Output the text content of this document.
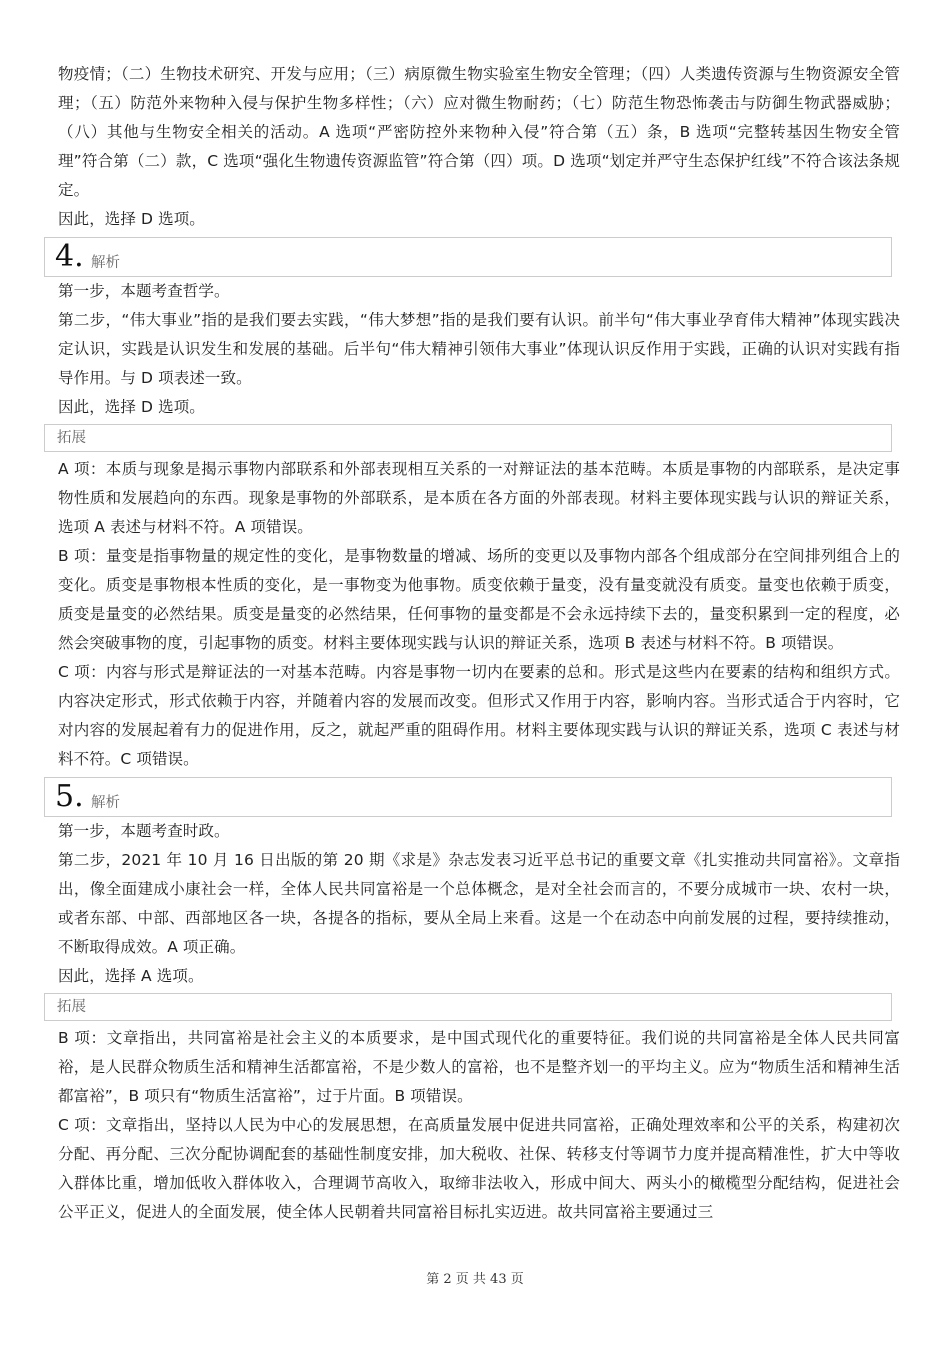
物疫情；（二）生物技术研究、开发与应用；（三）病原微生物实验室生物安全管理；（四）人类遗传资源与生物资源安全管理；（五）防范外来物种入侵与保护生物多样性；（六）应对微生物耐药；（七）防范生物恐怖袭击与防御生物武器威胁；（八）其他与生物安全相关的活动。A 选项“严密防控外来物种入侵”符合第（五）条，B 选项“完整转基因生物安全管理”符合第（二）款，C 选项“强化生物遗传资源监管”符合第（四）项。D 选项“划定并严守生态保护红线”不符合该法条规定。

因此，选择 D 选项。

4. 解析

第一步，本题考查哲学。

第二步，“伟大事业”指的是我们要去实践，“伟大梦想”指的是我们要有认识。前半句“伟大事业孕育伟大精神”体现实践决定认识，实践是认识发生和发展的基础。后半句“伟大精神引领伟大事业”体现认识反作用于实践，正确的认识对实践有指导作用。与 D 项表述一致。

因此，选择 D 选项。

拓展

A 项：本质与现象是揭示事物内部联系和外部表现相互关系的一对辩证法的基本范畴。本质是事物的内部联系，是决定事物性质和发展趋向的东西。现象是事物的外部联系，是本质在各方面的外部表现。材料主要体现实践与认识的辩证关系，选项 A 表述与材料不符。A 项错误。

B 项：量变是指事物量的规定性的变化，是事物数量的增减、场所的变更以及事物内部各个组成部分在空间排列组合上的变化。质变是事物根本性质的变化，是一事物变为他事物。质变依赖于量变，没有量变就没有质变。量变也依赖于质变，质变是量变的必然结果。质变是量变的必然结果，任何事物的量变都是不会永远持续下去的，量变积累到一定的程度，必然会突破事物的度，引起事物的质变。材料主要体现实践与认识的辩证关系，选项 B 表述与材料不符。B 项错误。

C 项：内容与形式是辩证法的一对基本范畴。内容是事物一切内在要素的总和。形式是这些内在要素的结构和组织方式。内容决定形式，形式依赖于内容，并随着内容的发展而改变。但形式又作用于内容，影响内容。当形式适合于内容时，它对内容的发展起着有力的促进作用，反之，就起严重的阻碍作用。材料主要体现实践与认识的辩证关系，选项 C 表述与材料不符。C 项错误。

5. 解析

第一步，本题考查时政。

第二步，2021 年 10 月 16 日出版的第 20 期《求是》杂志发表习近平总书记的重要文章《扎实推动共同富裕》。文章指出，像全面建成小康社会一样，全体人民共同富裕是一个总体概念，是对全社会而言的，不要分成城市一块、农村一块，或者东部、中部、西部地区各一块，各提各的指标，要从全局上来看。这是一个在动态中向前发展的过程，要持续推动，不断取得成效。A 项正确。

因此，选择 A 选项。

拓展

B 项：文章指出，共同富裕是社会主义的本质要求，是中国式现代化的重要特征。我们说的共同富裕是全体人民共同富裕，是人民群众物质生活和精神生活都富裕，不是少数人的富裕，也不是整齐划一的平均主义。应为“物质生活和精神生活都富裕”，B 项只有“物质生活富裕”，过于片面。B 项错误。

C 项：文章指出，坚持以人民为中心的发展思想，在高质量发展中促进共同富裕，正确处理效率和公平的关系，构建初次分配、再分配、三次分配协调配套的基础性制度安排，加大税收、社保、转移支付等调节力度并提高精准性，扩大中等收入群体比重，增加低收入群体收入，合理调节高收入，取缔非法收入，形成中间大、两头小的橄榄型分配结构，促进社会公平正义，促进人的全面发展，使全体人民朝着共同富裕目标扎实迈进。故共同富裕主要通过三

第 2 页 共 43 页
